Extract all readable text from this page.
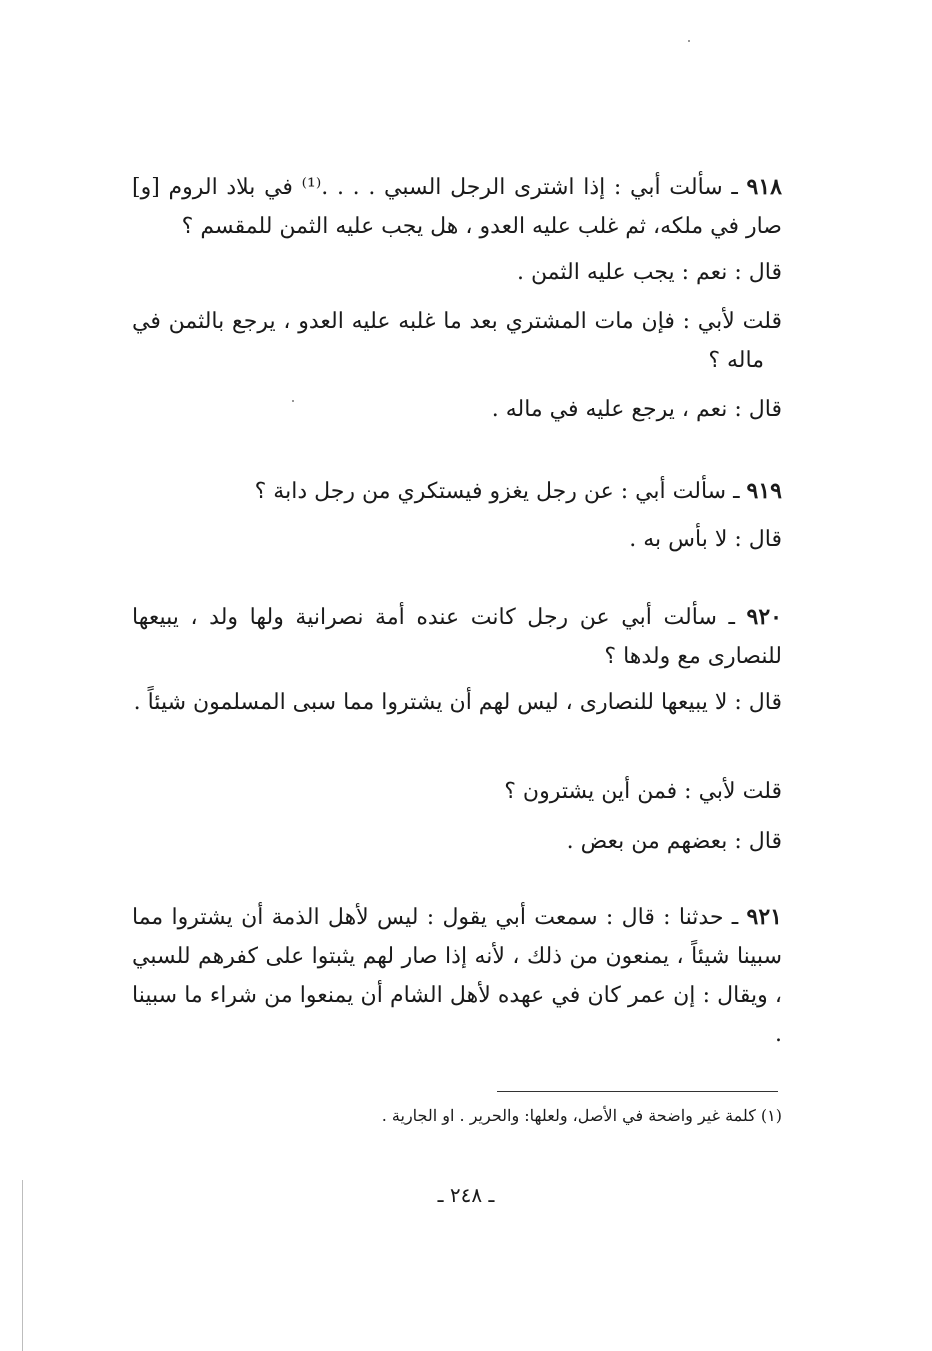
٩١٨ ـ سألت أبي : إذا اشترى الرجل السبي . . . .⁽¹⁾ في بلاد الروم [و] صار في ملكه، ثم غلب عليه العدو ، هل يجب عليه الثمن للمقسم ؟

قال : نعم : يجب عليه الثمن .

قلت لأبي : فإن مات المشتري بعد ما غلبه عليه العدو ، يرجع بالثمن في ماله ؟

قال : نعم ، يرجع عليه في ماله .
٩١٩ ـ سألت أبي : عن رجل يغزو فيستكري من رجل دابة ؟
قال : لا بأس به .

٩٢٠ ـ سألت أبي عن رجل كانت عنده أمة نصرانية ولها ولد ، يبيعها للنصارى مع ولدها ؟

قال : لا يبيعها للنصارى ، ليس لهم أن يشتروا مما سبى المسلمون شيئاً .

قلت لأبي : فمن أين يشترون ؟
قال : بعضهم من بعض .

٩٢١ ـ حدثنا : قال : سمعت أبي يقول : ليس لأهل الذمة أن يشتروا مما سبينا شيئاً ، يمنعون من ذلك ، لأنه إذا صار لهم يثبتوا على كفرهم للسبي ، ويقال : إن عمر كان في عهده لأهل الشام أن يمنعوا من شراء ما سبينا .

(١) كلمة غير واضحة في الأصل، ولعلها: والحرير . او الجارية .
ـ ٢٤٨ ـ
